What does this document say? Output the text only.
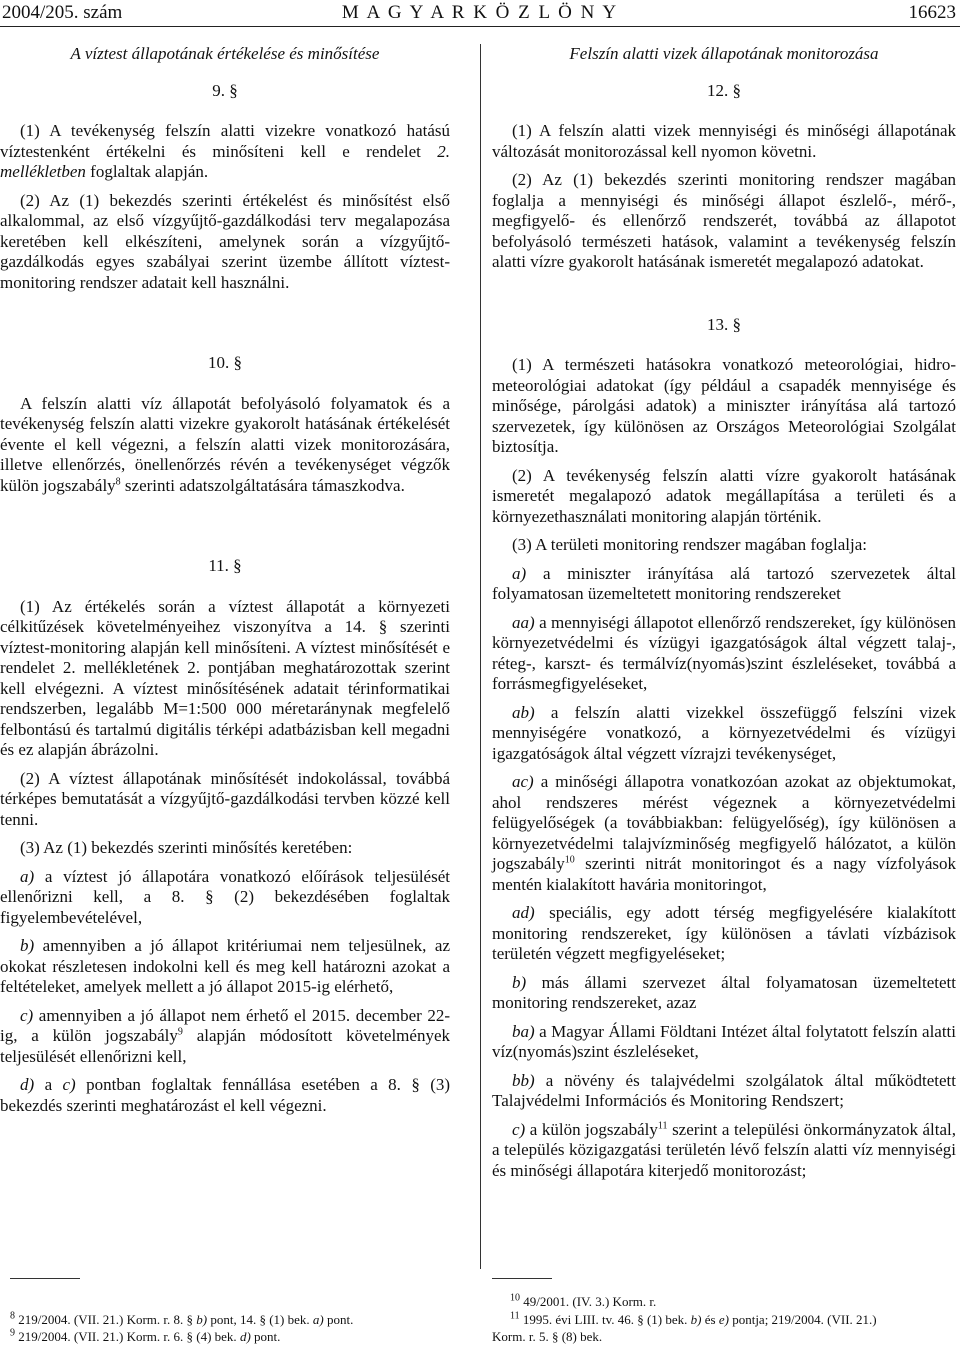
2004/205. szám	M A G Y A R K Ö Z L Ö N Y	16623
A víztest állapotának értékelése és minősítése
9. §

(1) A tevékenység felszín alatti vizekre vonatkozó hatású víztestenként értékelni és minősíteni kell e rendelet 2. mellékletben foglaltak alapján.

(2) Az (1) bekezdés szerinti értékelést és minősítést első alkalommal, az első vízgyűjtő-gazdálkodási terv megalapozása keretében kell elkészíteni, amelynek során a vízgyűjtő-gazdálkodás egyes szabályai szerint üzembe állított víztest-monitoring rendszer adatait kell használni.

10. §

A felszín alatti víz állapotát befolyásoló folyamatok és a tevékenység felszín alatti vizekre gyakorolt hatásának értékelését évente el kell végezni, a felszín alatti vizek monitorozására, illetve ellenőrzés, önellenőrzés révén a tevékenységet végzők külön jogszabály$^8$ szerinti adatszolgáltatására támaszkodva.

11. §

(1) Az értékelés során a víztest állapotát a környezeti célkitűzések követelményeihez viszonyítva a 14. § szerinti víztest-monitoring alapján kell minősíteni. A víztest minősítését e rendelet 2. mellékletének 2. pontjában meghatározottak szerint kell elvégezni. A víztest minősítésének adatait térinformatikai rendszerben, legalább M=1:500 000 méretaránynak megfelelő felbontású és tartalmú digitális térképi adatbázisban kell megadni és ez alapján ábrázolni.

(2) A víztest állapotának minősítését indokolással, továbbá térképes bemutatását a vízgyűjtő-gazdálkodási tervben közzé kell tenni.

(3) Az (1) bekezdés szerinti minősítés keretében:

a) a víztest jó állapotára vonatkozó előírások teljesülését ellenőrizni kell, a 8. § (2) bekezdésében foglaltak figyelembevételével,

b) amennyiben a jó állapot kritériumai nem teljesülnek, az okokat részletesen indokolni kell és meg kell határozni azokat a feltételeket, amelyek mellett a jó állapot 2015-ig elérhető,

c) amennyiben a jó állapot nem érhető el 2015. december 22-ig, a külön jogszabály$^9$ alapján módosított követelmények teljesülését ellenőrizni kell,

d) a c) pontban foglaltak fennállása esetében a 8. § (3) bekezdés szerinti meghatározást el kell végezni.

Felszín alatti vizek állapotának monitorozása
12. §

(1) A felszín alatti vizek mennyiségi és minőségi állapotának változását monitorozással kell nyomon követni.

(2) Az (1) bekezdés szerinti monitoring rendszer magában foglalja a mennyiségi és minőségi állapot észlelő-, mérő-, megfigyelő- és ellenőrző rendszerét, továbbá az állapotot befolyásoló természeti hatások, valamint a tevékenység felszín alatti vízre gyakorolt hatásának ismeretét megalapozó adatokat.

13. §

(1) A természeti hatásokra vonatkozó meteorológiai, hidro-meteorológiai adatokat (így például a csapadék mennyisége és minősége, párolgási adatok) a miniszter irányítása alá tartozó szervezetek, így különösen az Országos Meteorológiai Szolgálat biztosítja.

(2) A tevékenység felszín alatti vízre gyakorolt hatásának ismeretét megalapozó adatok megállapítása a területi és a környezethasználati monitoring alapján történik.

(3) A területi monitoring rendszer magában foglalja:

a) a miniszter irányítása alá tartozó szervezetek által folyamatosan üzemeltetett monitoring rendszereket

aa) a mennyiségi állapotot ellenőrző rendszereket, így különösen környezetvédelmi és vízügyi igazgatóságok által végzett talaj-, réteg-, karszt- és termálvíz(nyomás)szint észleléseket, továbbá a forrásmegfigyeléseket,

ab) a felszín alatti vizekkel összefüggő felszíni vizek mennyiségére vonatkozó, a környezetvédelmi és vízügyi igazgatóságok által végzett vízrajzi tevékenységet,

ac) a minőségi állapotra vonatkozóan azokat az objektumokat, ahol rendszeres mérést végeznek a környezetvédelmi felügyelőségek (a továbbiakban: felügyelőség), így különösen a környezetvédelmi talajvízminőség megfigyelő hálózatot, a külön jogszabály$^{10}$ szerinti nitrát monitoringot és a nagy vízfolyások mentén kialakított havária monitoringot,

ad) speciális, egy adott térség megfigyelésére kialakított monitoring rendszereket, így különösen a távlati vízbázisok területén végzett megfigyeléseket;

b) más állami szervezet által folyamatosan üzemeltetett monitoring rendszereket, azaz

ba) a Magyar Állami Földtani Intézet által folytatott felszín alatti víz(nyomás)szint észleléseket,

bb) a növény és talajvédelmi szolgálatok által működtetett Talajvédelmi Információs és Monitoring Rendszert;

c) a külön jogszabály$^{11}$ szerint a települési önkormányzatok által, a település közigazgatási területén lévő felszín alatti víz mennyiségi és minőségi állapotára kiterjedő monitorozást;

$^8$ 219/2004. (VII. 21.) Korm. r. 8. § b) pont, 14. § (1) bek. a) pont.
$^9$ 219/2004. (VII. 21.) Korm. r. 6. § (4) bek. d) pont.
$^{10}$ 49/2001. (IV. 3.) Korm. r.
$^{11}$ 1995. évi LIII. tv. 46. § (1) bek. b) és e) pontja; 219/2004. (VII. 21.)
Korm. r. 5. § (8) bek.
